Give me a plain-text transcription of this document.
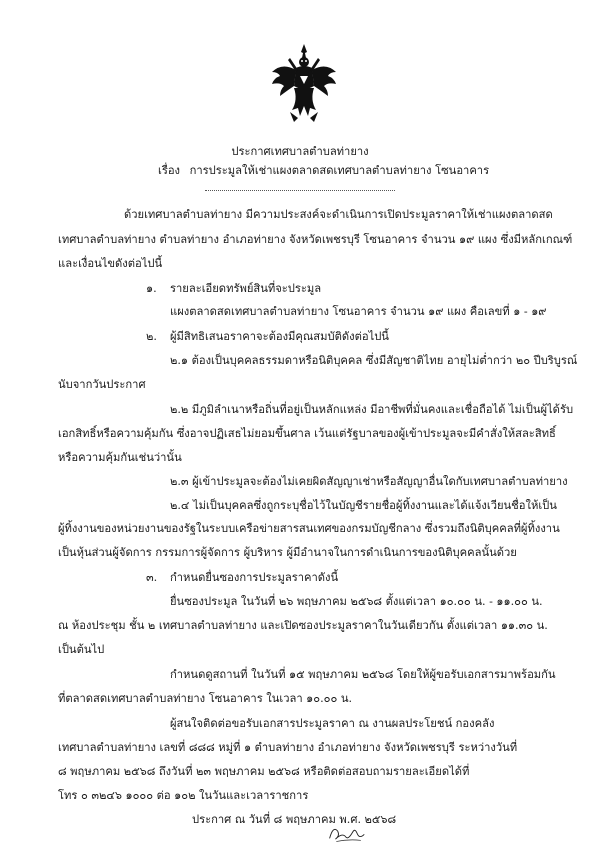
ประกาศเทศบาลตำบลท่ายาง
เรื่อง การประมูลให้เช่าแผงตลาดสดเทศบาลตำบลท่ายาง โซนอาคาร
ด้วยเทศบาลตำบลท่ายาง มีความประสงค์จะดำเนินการเปิดประมูลราคาให้เช่าแผงตลาดสด
เทศบาลตำบลท่ายาง ตำบลท่ายาง อำเภอท่ายาง จังหวัดเพชรบุรี โซนอาคาร จำนวน ๑๙ แผง ซึ่งมีหลักเกณฑ์
และเงื่อนไขดังต่อไปนี้
๑. รายละเอียดทรัพย์สินที่จะประมูล
แผงตลาดสดเทศบาลตำบลท่ายาง โซนอาคาร จำนวน ๑๙ แผง คือเลขที่ ๑ - ๑๙
๒. ผู้มีสิทธิเสนอราคาจะต้องมีคุณสมบัติดังต่อไปนี้
๒.๑ ต้องเป็นบุคคลธรรมดาหรือนิติบุคคล ซึ่งมีสัญชาติไทย อายุไม่ต่ำกว่า ๒๐ ปีบริบูรณ์
นับจากวันประกาศ
๒.๒ มีภูมิลำเนาหรือถิ่นที่อยู่เป็นหลักแหล่ง มีอาชีพที่มั่นคงและเชื่อถือได้ ไม่เป็นผู้ได้รับ
เอกสิทธิ์หรือความคุ้มกัน ซึ่งอาจปฏิเสธไม่ยอมขึ้นศาล เว้นแต่รัฐบาลของผู้เข้าประมูลจะมีคำสั่งให้สละสิทธิ์
หรือความคุ้มกันเช่นว่านั้น
๒.๓ ผู้เข้าประมูลจะต้องไม่เคยผิดสัญญาเช่าหรือสัญญาอื่นใดกับเทศบาลตำบลท่ายาง
๒.๔ ไม่เป็นบุคคลซึ่งถูกระบุชื่อไว้ในบัญชีรายชื่อผู้ทิ้งงานและได้แจ้งเวียนชื่อให้เป็น
ผู้ทิ้งงานของหน่วยงานของรัฐในระบบเครือข่ายสารสนเทศของกรมบัญชีกลาง ซึ่งรวมถึงนิติบุคคลที่ผู้ทิ้งงาน
เป็นหุ้นส่วนผู้จัดการ กรรมการผู้จัดการ ผู้บริหาร ผู้มีอำนาจในการดำเนินการของนิติบุคคลนั้นด้วย
๓. กำหนดยื่นซองการประมูลราคาดังนี้
ยื่นซองประมูล ในวันที่ ๒๖ พฤษภาคม ๒๕๖๘ ตั้งแต่เวลา ๑๐.๐๐ น. - ๑๑.๐๐ น.
ณ ห้องประชุม ชั้น ๒ เทศบาลตำบลท่ายาง และเปิดซองประมูลราคาในวันเดียวกัน ตั้งแต่เวลา ๑๑.๓๐ น.
เป็นต้นไป
กำหนดดูสถานที่ ในวันที่ ๑๕ พฤษภาคม ๒๕๖๘ โดยให้ผู้ขอรับเอกสารมาพร้อมกัน
ที่ตลาดสดเทศบาลตำบลท่ายาง โซนอาคาร ในเวลา ๑๐.๐๐ น.
ผู้สนใจติดต่อขอรับเอกสารประมูลราคา ณ งานผลประโยชน์ กองคลัง
เทศบาลตำบลท่ายาง เลขที่ ๘๘๘ หมู่ที่ ๑ ตำบลท่ายาง อำเภอท่ายาง จังหวัดเพชรบุรี ระหว่างวันที่
๘ พฤษภาคม ๒๕๖๘ ถึงวันที่ ๒๓ พฤษภาคม ๒๕๖๘ หรือติดต่อสอบถามรายละเอียดได้ที่
โทร ๐ ๓๒๔๖ ๑๐๐๐ ต่อ ๑๐๒ ในวันและเวลาราชการ
ประกาศ ณ วันที่ ๘ พฤษภาคม พ.ศ. ๒๕๖๘
